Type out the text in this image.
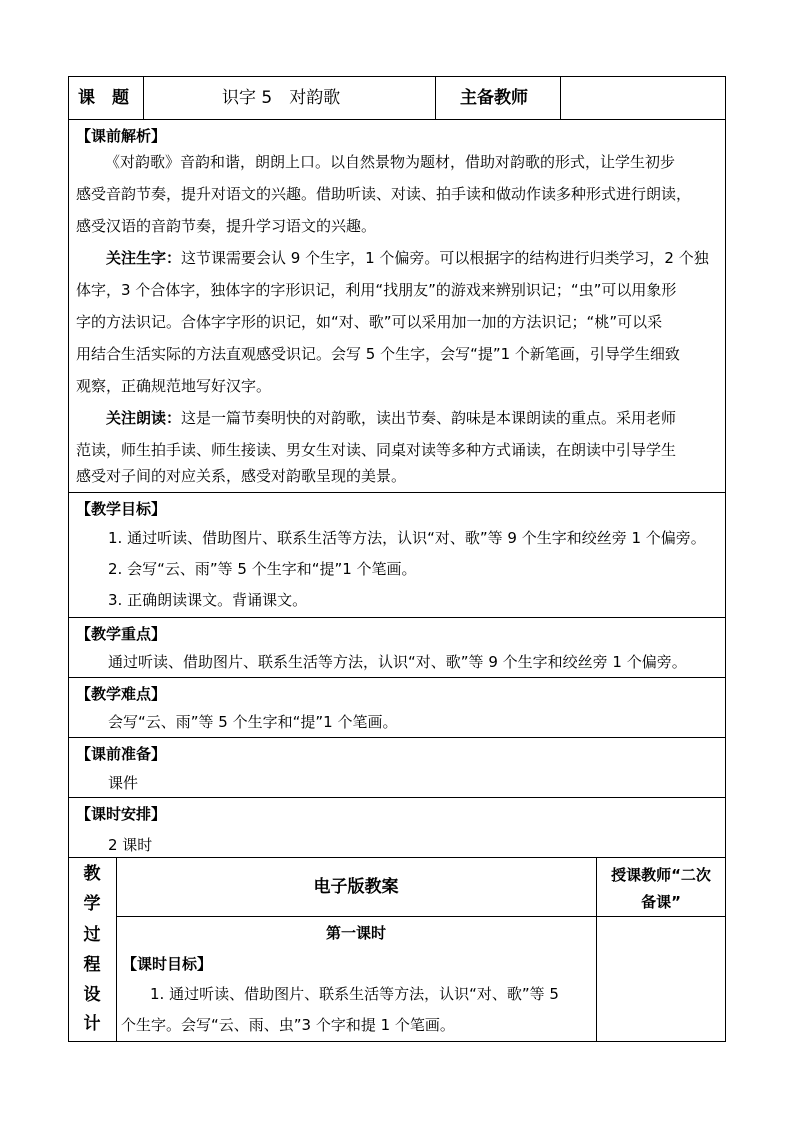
课　题	识字 5　对韵歌	主备教师
【课前解析】
《对韵歌》音韵和谐，朗朗上口。以自然景物为题材，借助对韵歌的形式，让学生初步
感受音韵节奏，提升对语文的兴趣。借助听读、对读、拍手读和做动作读多种形式进行朗读，
感受汉语的音韵节奏，提升学习语文的兴趣。
关注生字：这节课需要会认 9 个生字，1 个偏旁。可以根据字的结构进行归类学习，2 个独
体字，3 个合体字，独体字的字形识记，利用“找朋友”的游戏来辨别识记；“虫”可以用象形
字的方法识记。合体字字形的识记，如“对、歌”可以采用加一加的方法识记；“桃”可以采
用结合生活实际的方法直观感受识记。会写 5 个生字，会写“提”1 个新笔画，引导学生细致
观察，正确规范地写好汉字。
关注朗读：这是一篇节奏明快的对韵歌，读出节奏、韵味是本课朗读的重点。采用老师
范读，师生拍手读、师生接读、男女生对读、同桌对读等多种方式诵读，在朗读中引导学生
感受对子间的对应关系，感受对韵歌呈现的美景。
【教学目标】
1. 通过听读、借助图片、联系生活等方法，认识“对、歌”等 9 个生字和绞丝旁 1 个偏旁。
2. 会写“云、雨”等 5 个生字和“提”1 个笔画。
3. 正确朗读课文。背诵课文。
【教学重点】
通过听读、借助图片、联系生活等方法，认识“对、歌”等 9 个生字和绞丝旁 1 个偏旁。
【教学难点】
会写“云、雨”等 5 个生字和“提”1 个笔画。
【课前准备】
课件
【课时安排】
2 课时
教
学
过
程
设
计
电子版教案
授课教师“二次
备课”
第一课时
【课时目标】
1. 通过听读、借助图片、联系生活等方法，认识“对、歌”等 5
个生字。会写“云、雨、虫”3 个字和提 1 个笔画。
